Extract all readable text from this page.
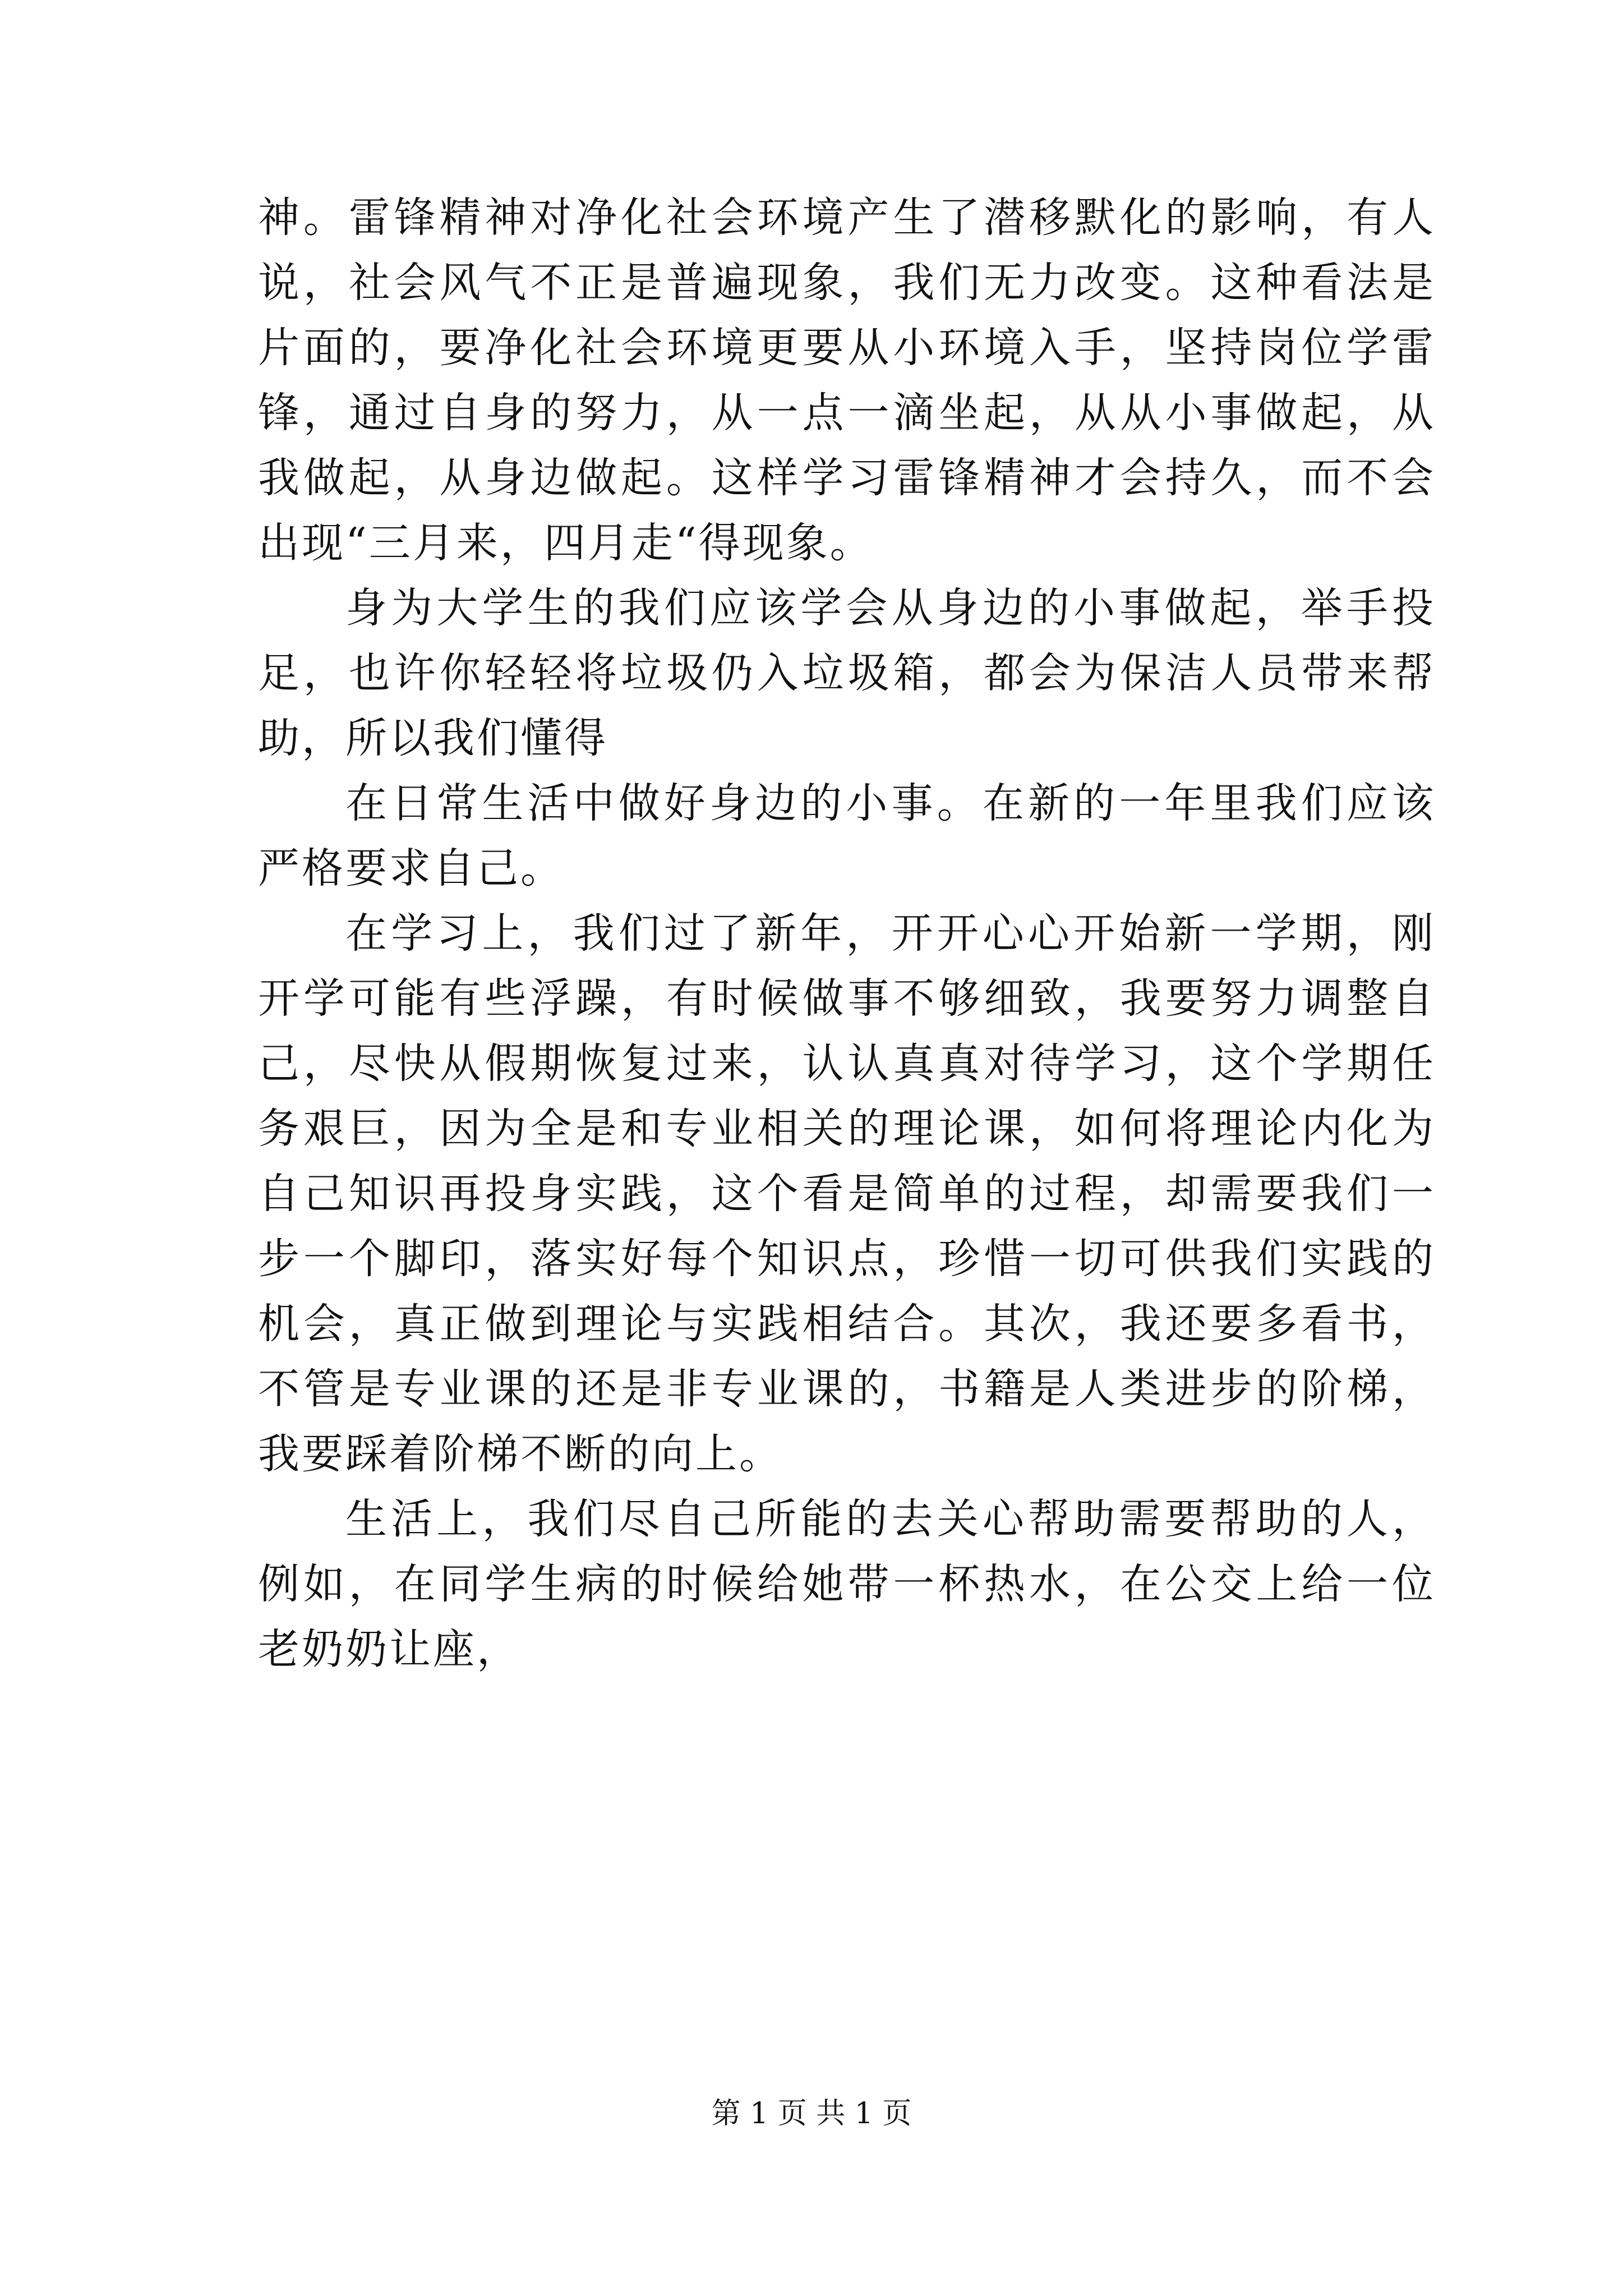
神。雷锋精神对净化社会环境产生了潜移默化的影响，有人说，社会风气不正是普遍现象，我们无力改变。这种看法是片面的，要净化社会环境更要从小环境入手，坚持岗位学雷锋，通过自身的努力，从一点一滴坐起，从从小事做起，从我做起，从身边做起。这样学习雷锋精神才会持久，而不会出现“三月来，四月走“得现象。

身为大学生的我们应该学会从身边的小事做起，举手投足，也许你轻轻将垃圾仍入垃圾箱，都会为保洁人员带来帮助，所以我们懂得

在日常生活中做好身边的小事。在新的一年里我们应该严格要求自己。

在学习上，我们过了新年，开开心心开始新一学期，刚开学可能有些浮躁，有时候做事不够细致，我要努力调整自己，尽快从假期恢复过来，认认真真对待学习，这个学期任务艰巨，因为全是和专业相关的理论课，如何将理论内化为自己知识再投身实践，这个看是简单的过程，却需要我们一步一个脚印，落实好每个知识点，珍惜一切可供我们实践的机会，真正做到理论与实践相结合。其次，我还要多看书，不管是专业课的还是非专业课的，书籍是人类进步的阶梯，我要踩着阶梯不断的向上。

生活上，我们尽自己所能的去关心帮助需要帮助的人，例如，在同学生病的时候给她带一杯热水，在公交上给一位老奶奶让座，

第 1 页 共 1 页
